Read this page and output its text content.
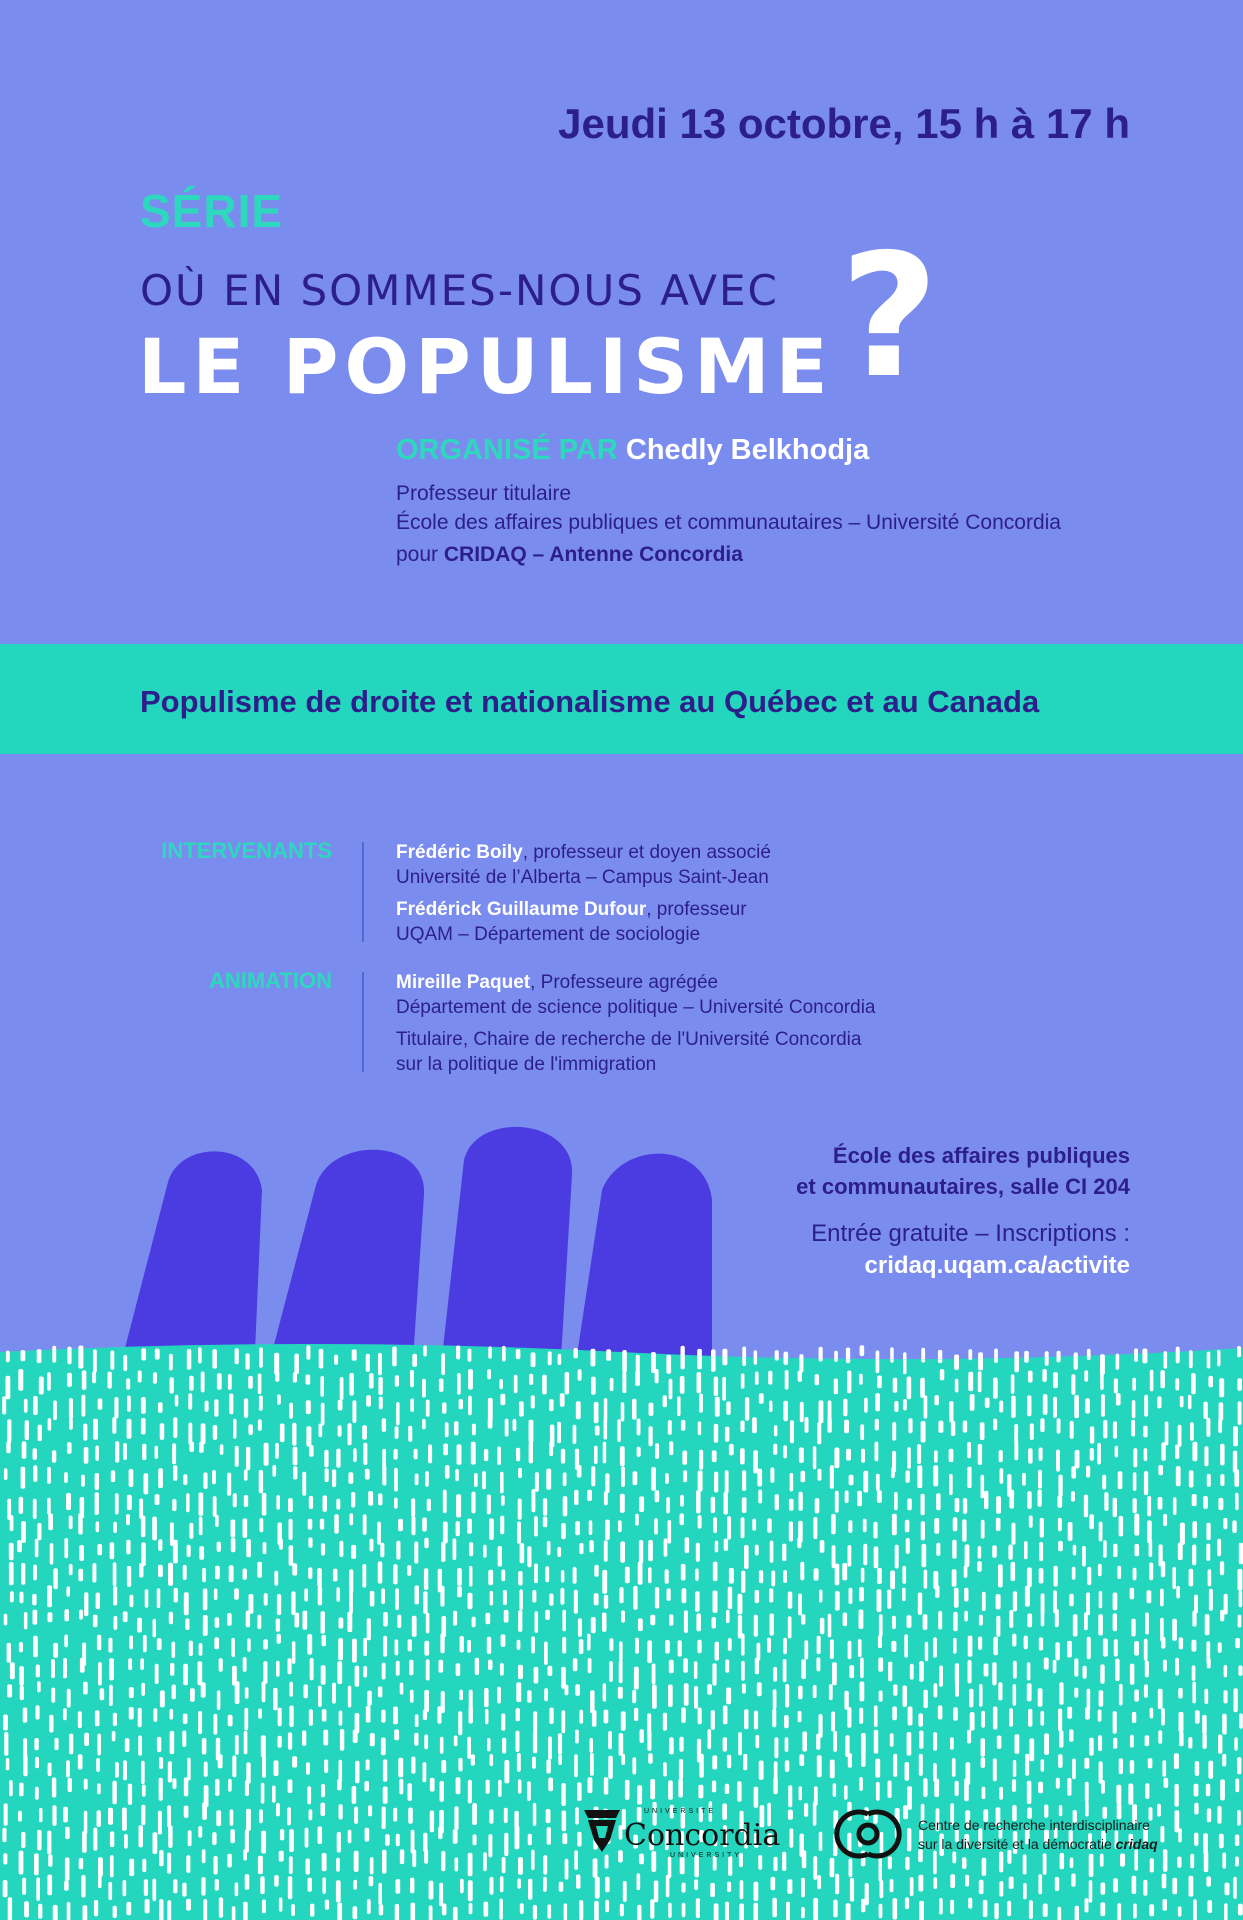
Jeudi 13 octobre, 15 h à 17 h

SÉRIE

OÙ EN SOMMES-NOUS AVEC

LE POPULISME ?

ORGANISÉ PAR Chedly Belkhodja

Professeur titulaire
École des affaires publiques et communautaires – Université Concordia

pour CRIDAQ – Antenne Concordia

Populisme de droite et nationalisme au Québec et au Canada

INTERVENANTS	Frédéric Boily, professeur et doyen associé
Université de l’Alberta – Campus Saint-Jean
Frédérick Guillaume Dufour, professeur
UQAM – Département de sociologie

ANIMATION	Mireille Paquet, Professeure agrégée
Département de science politique – Université Concordia
Titulaire, Chaire de recherche de l'Université Concordia
sur la politique de l'immigration
École des affaires publiques
et communautaires, salle CI 204

Entrée gratuite – Inscriptions :

cridaq.uqam.ca/activite

UNIVERSITÉ

Concordia

UNIVERSITY

Centre de recherche interdisciplinaire
sur la diversité et la démocratie cridaq
